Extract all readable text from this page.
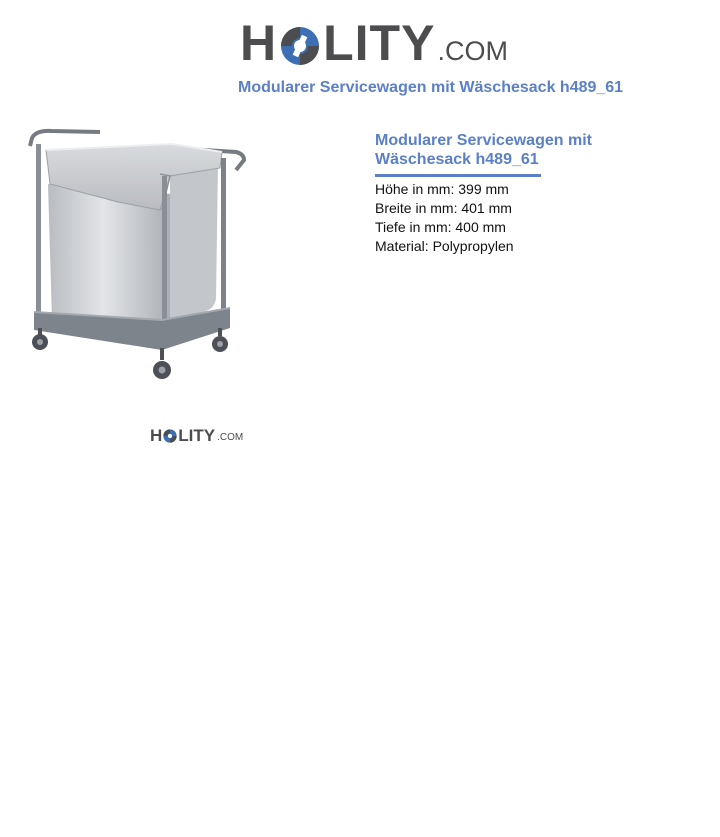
H LITY .COM
Modularer Servicewagen mit Wäschesack h489_61
H LITY .COM
Modularer Servicewagen mit Wäschesack h489_61
Höhe in mm: 399 mm
Breite in mm: 401 mm
Tiefe in mm: 400 mm
Material: Polypropylen
